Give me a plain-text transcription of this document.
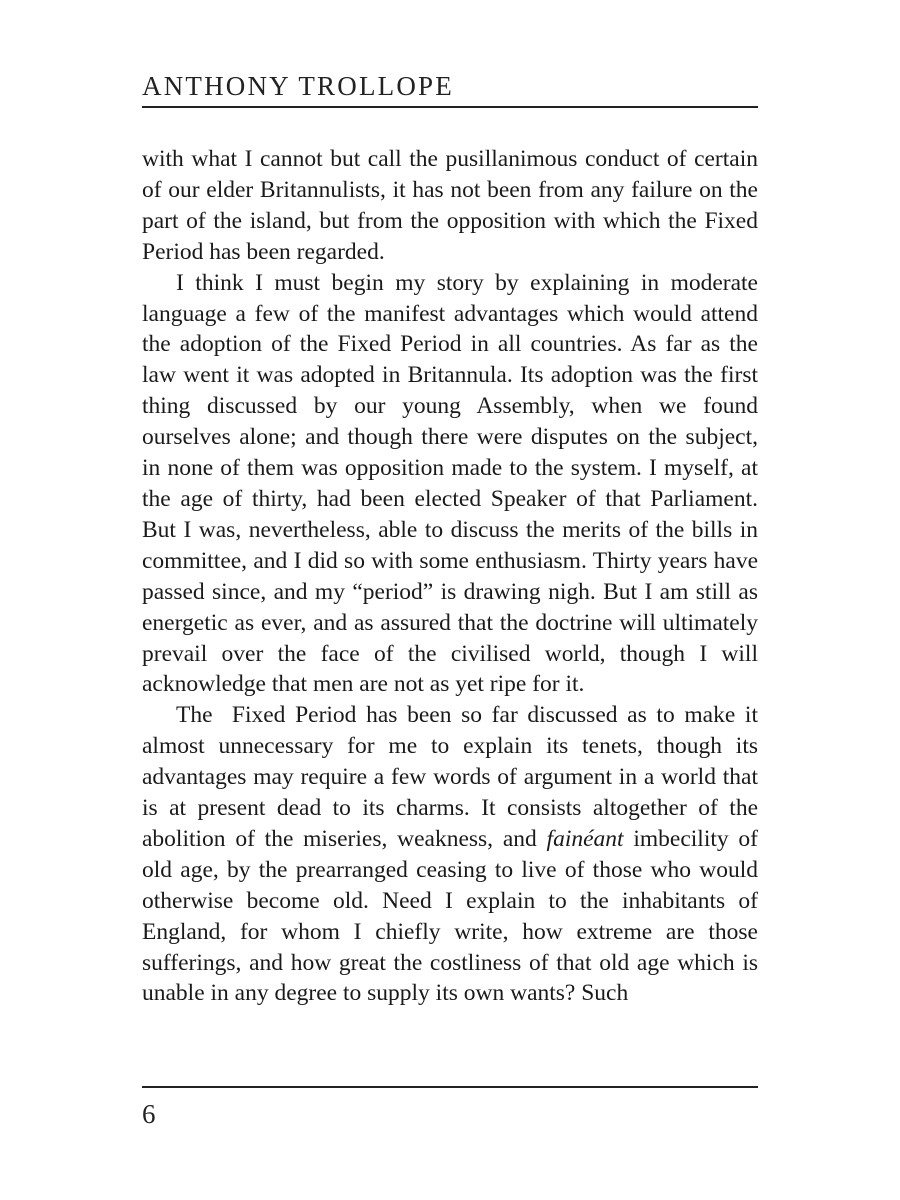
ANTHONY TROLLOPE

with what I cannot but call the pusillanimous conduct of certain of our elder Britannulists, it has not been from any failure on the part of the island, but from the opposition with which the Fixed Period has been regarded.

I think I must begin my story by explaining in moderate language a few of the manifest advantages which would attend the adoption of the Fixed Period in all countries. As far as the law went it was adopted in Britannula. Its adoption was the first thing discussed by our young Assembly, when we found ourselves alone; and though there were disputes on the subject, in none of them was opposition made to the system. I myself, at the age of thirty, had been elected Speaker of that Parliament. But I was, nevertheless, able to discuss the merits of the bills in committee, and I did so with some enthusiasm. Thirty years have passed since, and my “period” is drawing nigh. But I am still as energetic as ever, and as assured that the doctrine will ultimately prevail over the face of the civilised world, though I will acknowledge that men are not as yet ripe for it.

The  Fixed Period has been so far discussed as to make it almost unnecessary for me to explain its tenets, though its advantages may require a few words of argument in a world that is at present dead to its charms. It consists altogether of the abolition of the miseries, weakness, and fainéant imbecility of old age, by the prearranged ceasing to live of those who would otherwise become old. Need I explain to the inhabitants of England, for whom I chiefly write, how extreme are those sufferings, and how great the costliness of that old age which is unable in any degree to supply its own wants? Such

6
